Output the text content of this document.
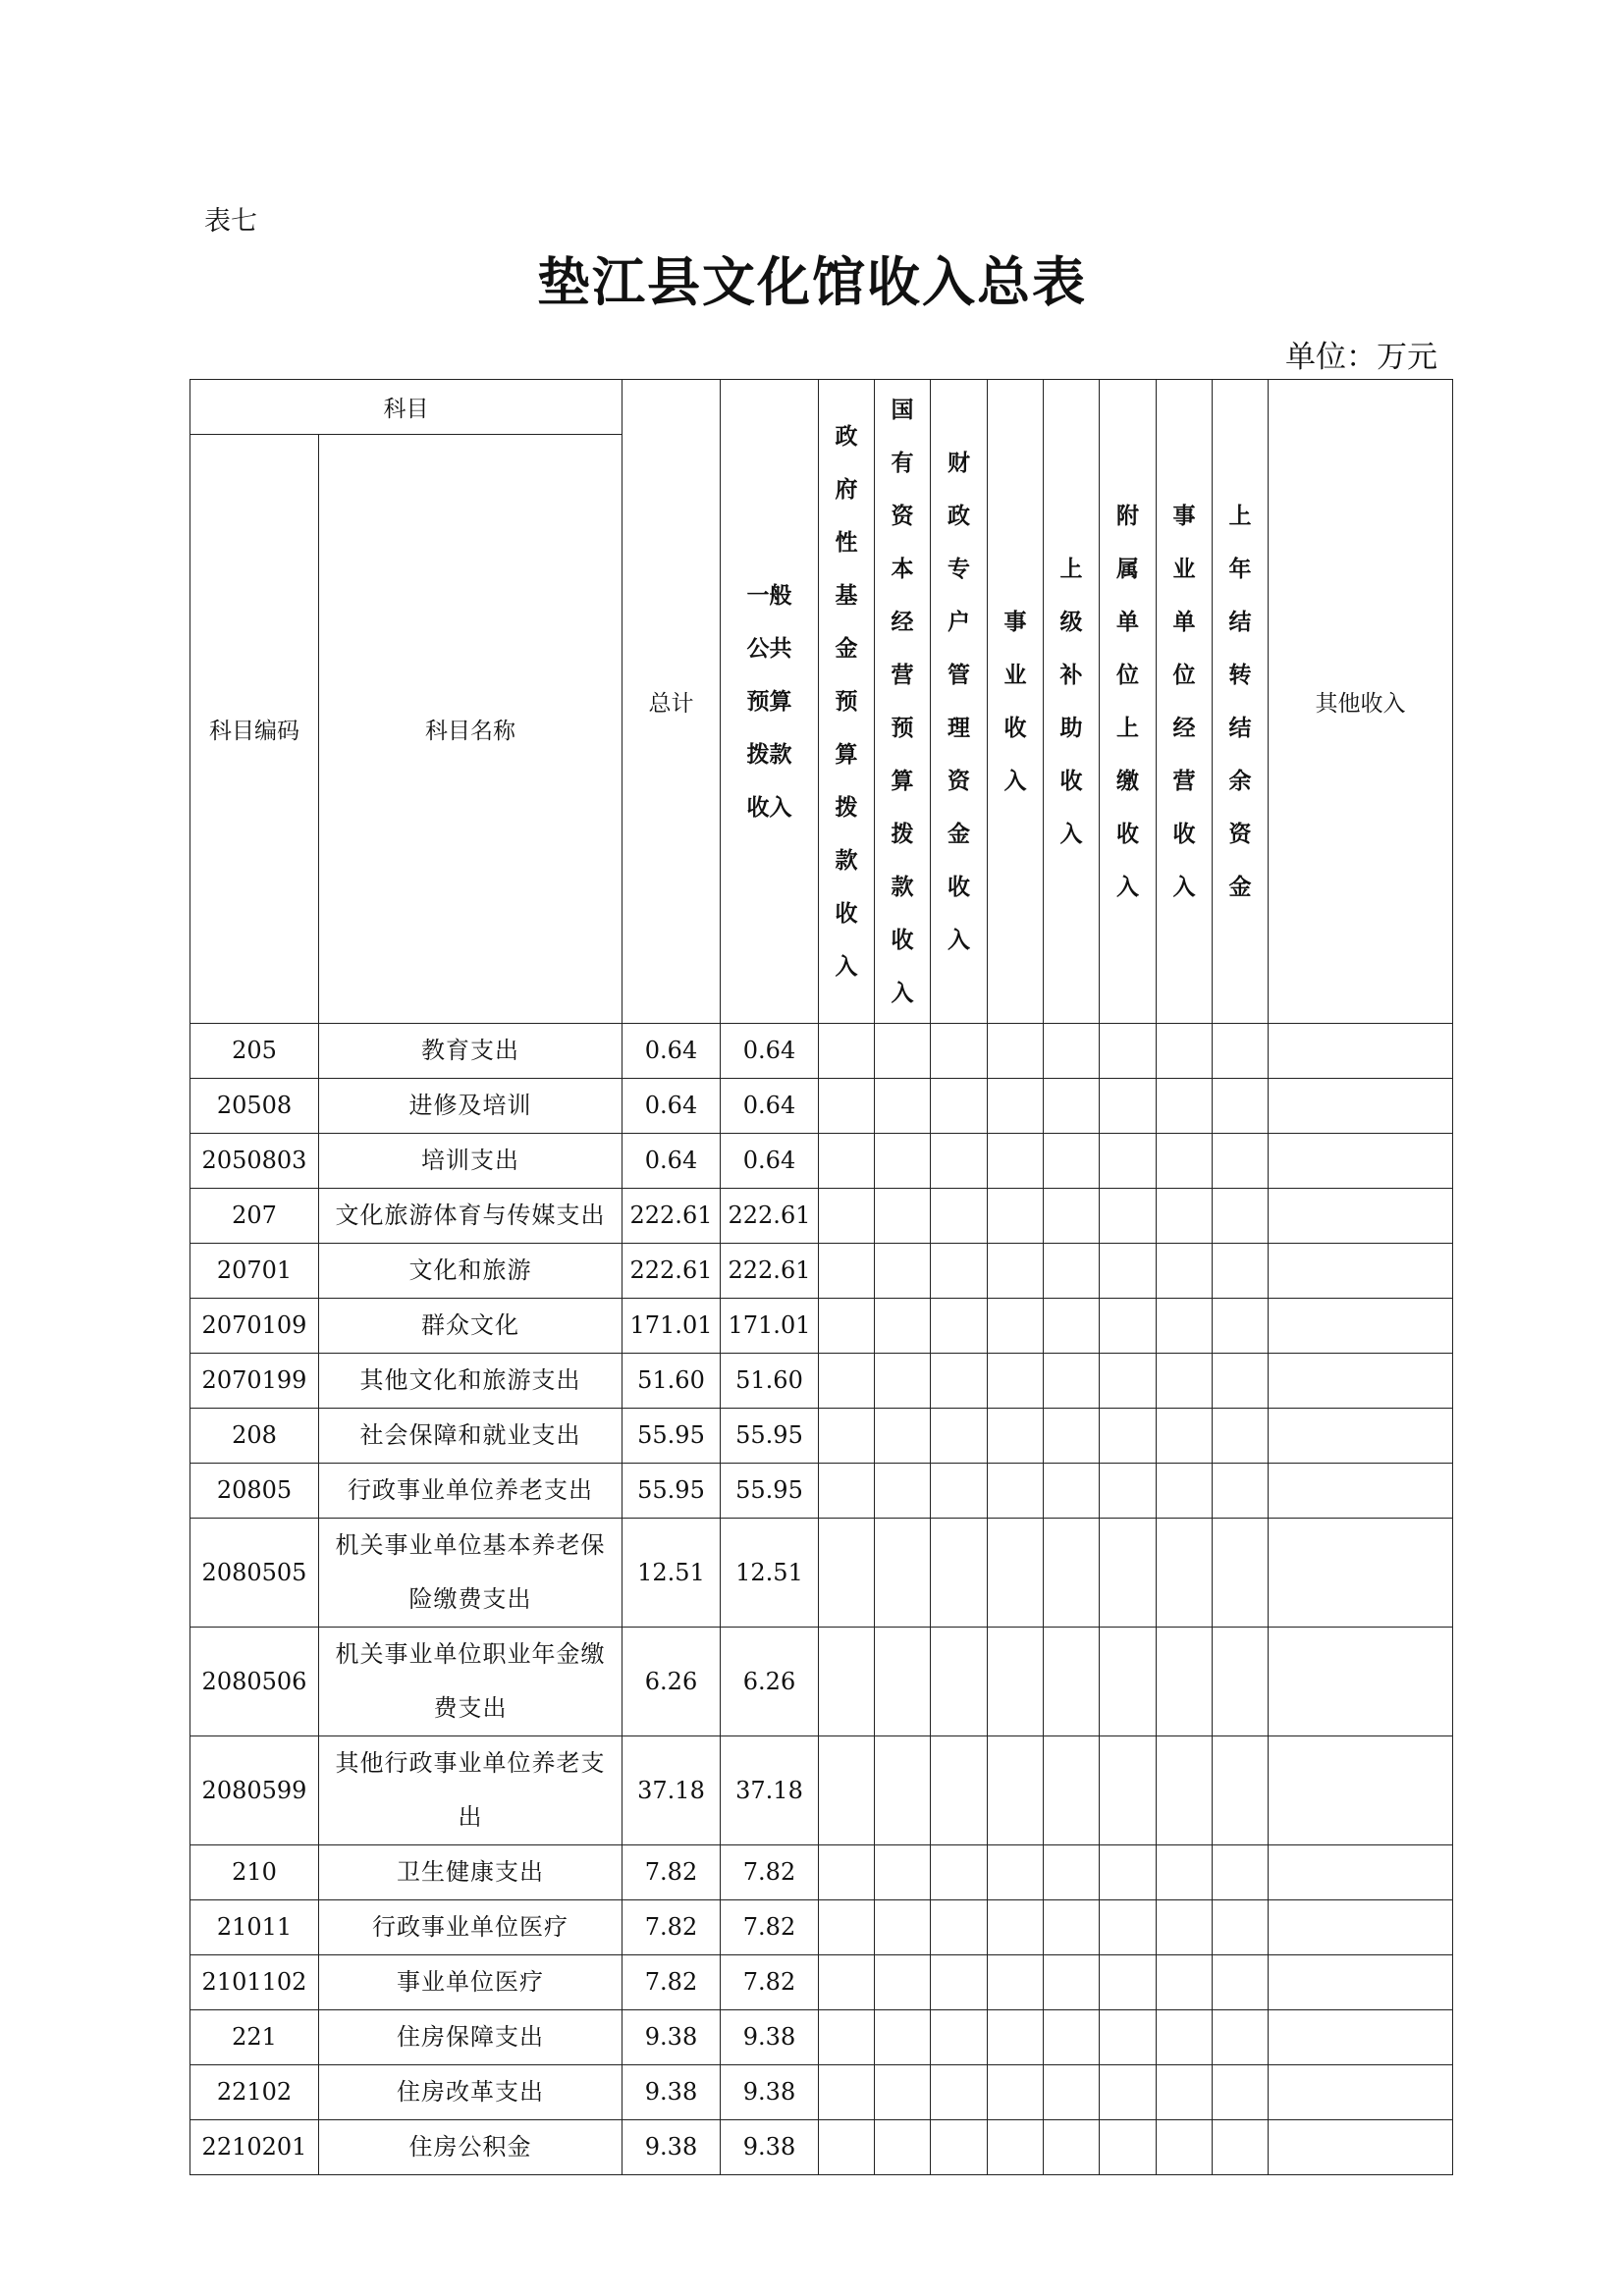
表七
垫江县文化馆收入总表
单位：万元
科目		总计	一般公共预算拨款收入	政府性基金预算拨款收入	国有资本经营预算拨款收入	财政专户管理资金收入	事业收入	上级补助收入	附属单位上缴收入	事业单位经营收入	上年结转结余资金	其他收入
科目编码	科目名称											
205	教育支出	0.64	0.64									
20508	进修及培训	0.64	0.64									
2050803	培训支出	0.64	0.64									
207	文化旅游体育与传媒支出	222.61	222.61									
20701	文化和旅游	222.61	222.61									
2070109	群众文化	171.01	171.01									
2070199	其他文化和旅游支出	51.60	51.60									
208	社会保障和就业支出	55.95	55.95									
20805	行政事业单位养老支出	55.95	55.95									
2080505	机关事业单位基本养老保险缴费支出	12.51	12.51									
2080506	机关事业单位职业年金缴费支出	6.26	6.26									
2080599	其他行政事业单位养老支出	37.18	37.18									
210	卫生健康支出	7.82	7.82									
21011	行政事业单位医疗	7.82	7.82									
2101102	事业单位医疗	7.82	7.82									
221	住房保障支出	9.38	9.38									
22102	住房改革支出	9.38	9.38									
2210201	住房公积金	9.38	9.38									
